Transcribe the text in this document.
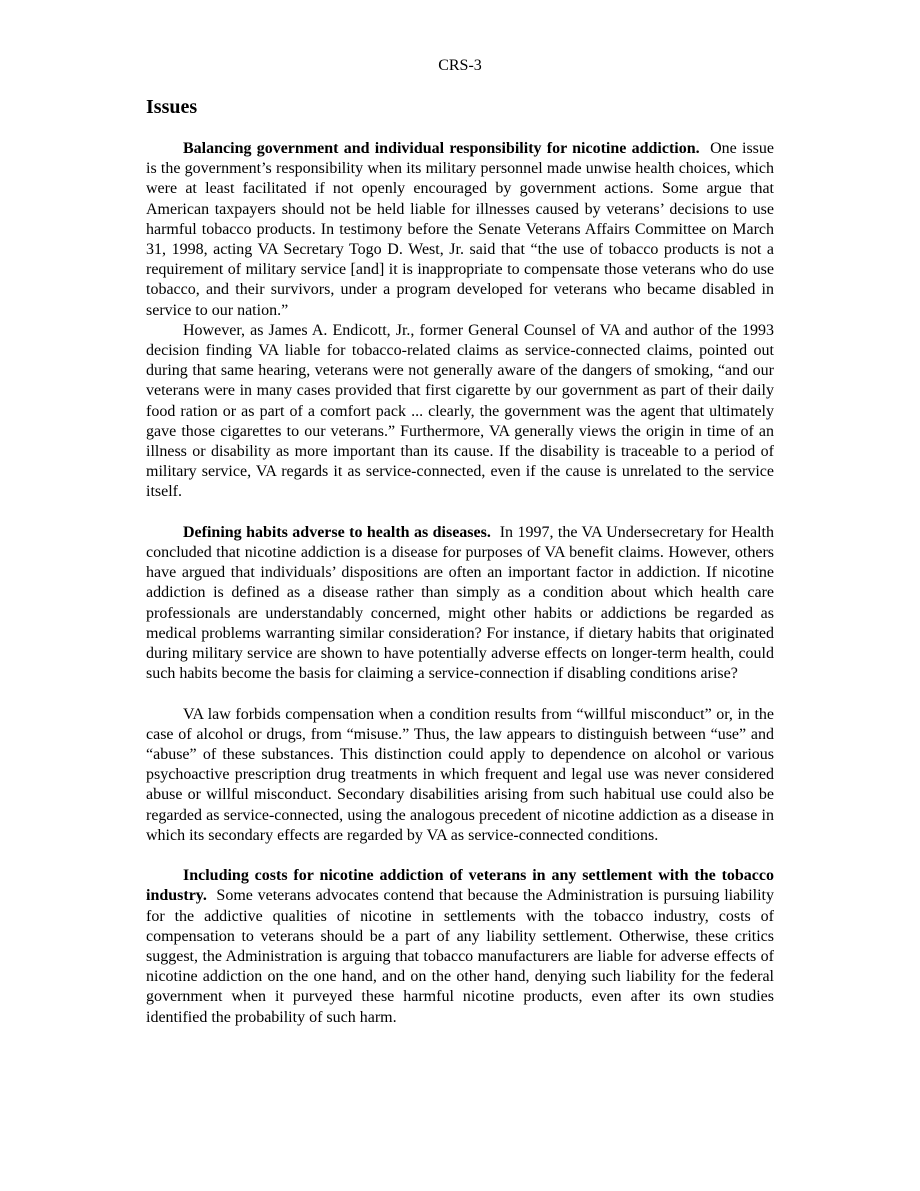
CRS-3
Issues

Balancing government and individual responsibility for nicotine addiction. One issue is the government’s responsibility when its military personnel made unwise health choices, which were at least facilitated if not openly encouraged by government actions. Some argue that American taxpayers should not be held liable for illnesses caused by veterans’ decisions to use harmful tobacco products. In testimony before the Senate Veterans Affairs Committee on March 31, 1998, acting VA Secretary Togo D. West, Jr. said that “the use of tobacco products is not a requirement of military service [and] it is inappropriate to compensate those veterans who do use tobacco, and their survivors, under a program developed for veterans who became disabled in service to our nation.”

However, as James A. Endicott, Jr., former General Counsel of VA and author of the 1993 decision finding VA liable for tobacco-related claims as service-connected claims, pointed out during that same hearing, veterans were not generally aware of the dangers of smoking, “and our veterans were in many cases provided that first cigarette by our government as part of their daily food ration or as part of a comfort pack ... clearly, the government was the agent that ultimately gave those cigarettes to our veterans.” Furthermore, VA generally views the origin in time of an illness or disability as more important than its cause. If the disability is traceable to a period of military service, VA regards it as service-connected, even if the cause is unrelated to the service itself.

Defining habits adverse to health as diseases. In 1997, the VA Undersecretary for Health concluded that nicotine addiction is a disease for purposes of VA benefit claims. However, others have argued that individuals’ dispositions are often an important factor in addiction. If nicotine addiction is defined as a disease rather than simply as a condition about which health care professionals are understandably concerned, might other habits or addictions be regarded as medical problems warranting similar consideration? For instance, if dietary habits that originated during military service are shown to have potentially adverse effects on longer-term health, could such habits become the basis for claiming a service-connection if disabling conditions arise?

VA law forbids compensation when a condition results from “willful misconduct” or, in the case of alcohol or drugs, from “misuse.” Thus, the law appears to distinguish between “use” and “abuse” of these substances. This distinction could apply to dependence on alcohol or various psychoactive prescription drug treatments in which frequent and legal use was never considered abuse or willful misconduct. Secondary disabilities arising from such habitual use could also be regarded as service-connected, using the analogous precedent of nicotine addiction as a disease in which its secondary effects are regarded by VA as service-connected conditions.

Including costs for nicotine addiction of veterans in any settlement with the tobacco industry. Some veterans advocates contend that because the Administration is pursuing liability for the addictive qualities of nicotine in settlements with the tobacco industry, costs of compensation to veterans should be a part of any liability settlement. Otherwise, these critics suggest, the Administration is arguing that tobacco manufacturers are liable for adverse effects of nicotine addiction on the one hand, and on the other hand, denying such liability for the federal government when it purveyed these harmful nicotine products, even after its own studies identified the probability of such harm.
